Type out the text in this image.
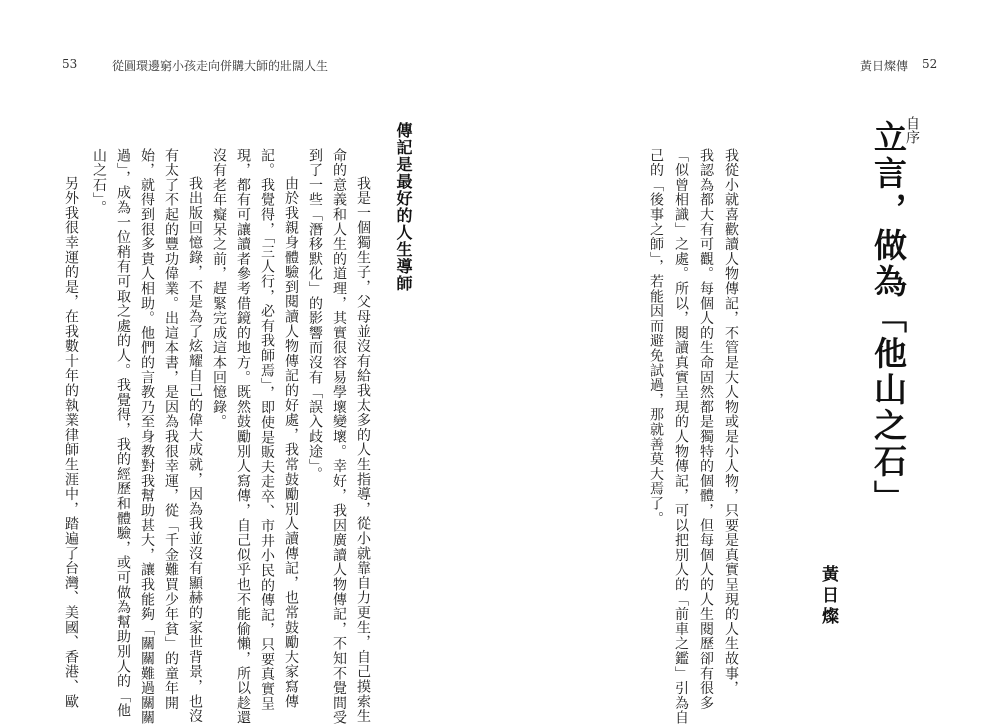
53	從圓環邊窮小孩走向併購大師的壯闊人生	黃日燦傳 52
自序
立言，做為「他山之石」
我從小就喜歡讀人物傳記，不管是大人物或是小人物，只要是真實呈現的人生故事，
我認為都大有可觀。每個人的生命固然都是獨特的個體，但每個人的人生閱歷卻有很多
「似曾相識」之處。所以，閱讀真實呈現的人物傳記，可以把別人的「前車之鑑」引為自
己的「後事之師」，若能因而避免試過，那就善莫大焉了。
黃日燦
傳記是最好的人生導師
我是一個獨生子，父母並沒有給我太多的人生指導，從小就靠自力更生，自己摸索生
命的意義和人生的道理，其實很容易學壞變壞。幸好，我因廣讀人物傳記，不知不覺間受
到了一些「潛移默化」的影響而沒有「誤入歧途」。
由於我親身體驗到閱讀人物傳記的好處，我常鼓勵別人讀傳記，也常鼓勵大家寫傳
記。我覺得，「三人行，必有我師焉」，即使是販夫走卒、市井小民的傳記，只要真實呈
現，都有可讓讀者參考借鏡的地方。既然鼓勵別人寫傳，自己似乎也不能偷懶，所以趁還
沒有老年癡呆之前，趕緊完成這本回憶錄。
我出版回憶錄，不是為了炫耀自己的偉大成就，因為我並沒有顯赫的家世背景，也沒
有太了不起的豐功偉業。出這本書，是因為我很幸運，從「千金難買少年貧」的童年開
始，就得到很多貴人相助。他們的言教乃至身教對我幫助甚大，讓我能夠「關關難過關關
過」，成為一位稍有可取之處的人。我覺得，我的經歷和體驗，或可做為幫助別人的「他
山之石」。
另外我很幸運的是，在我數十年的執業律師生涯中，踏遍了台灣、美國、香港、歐
